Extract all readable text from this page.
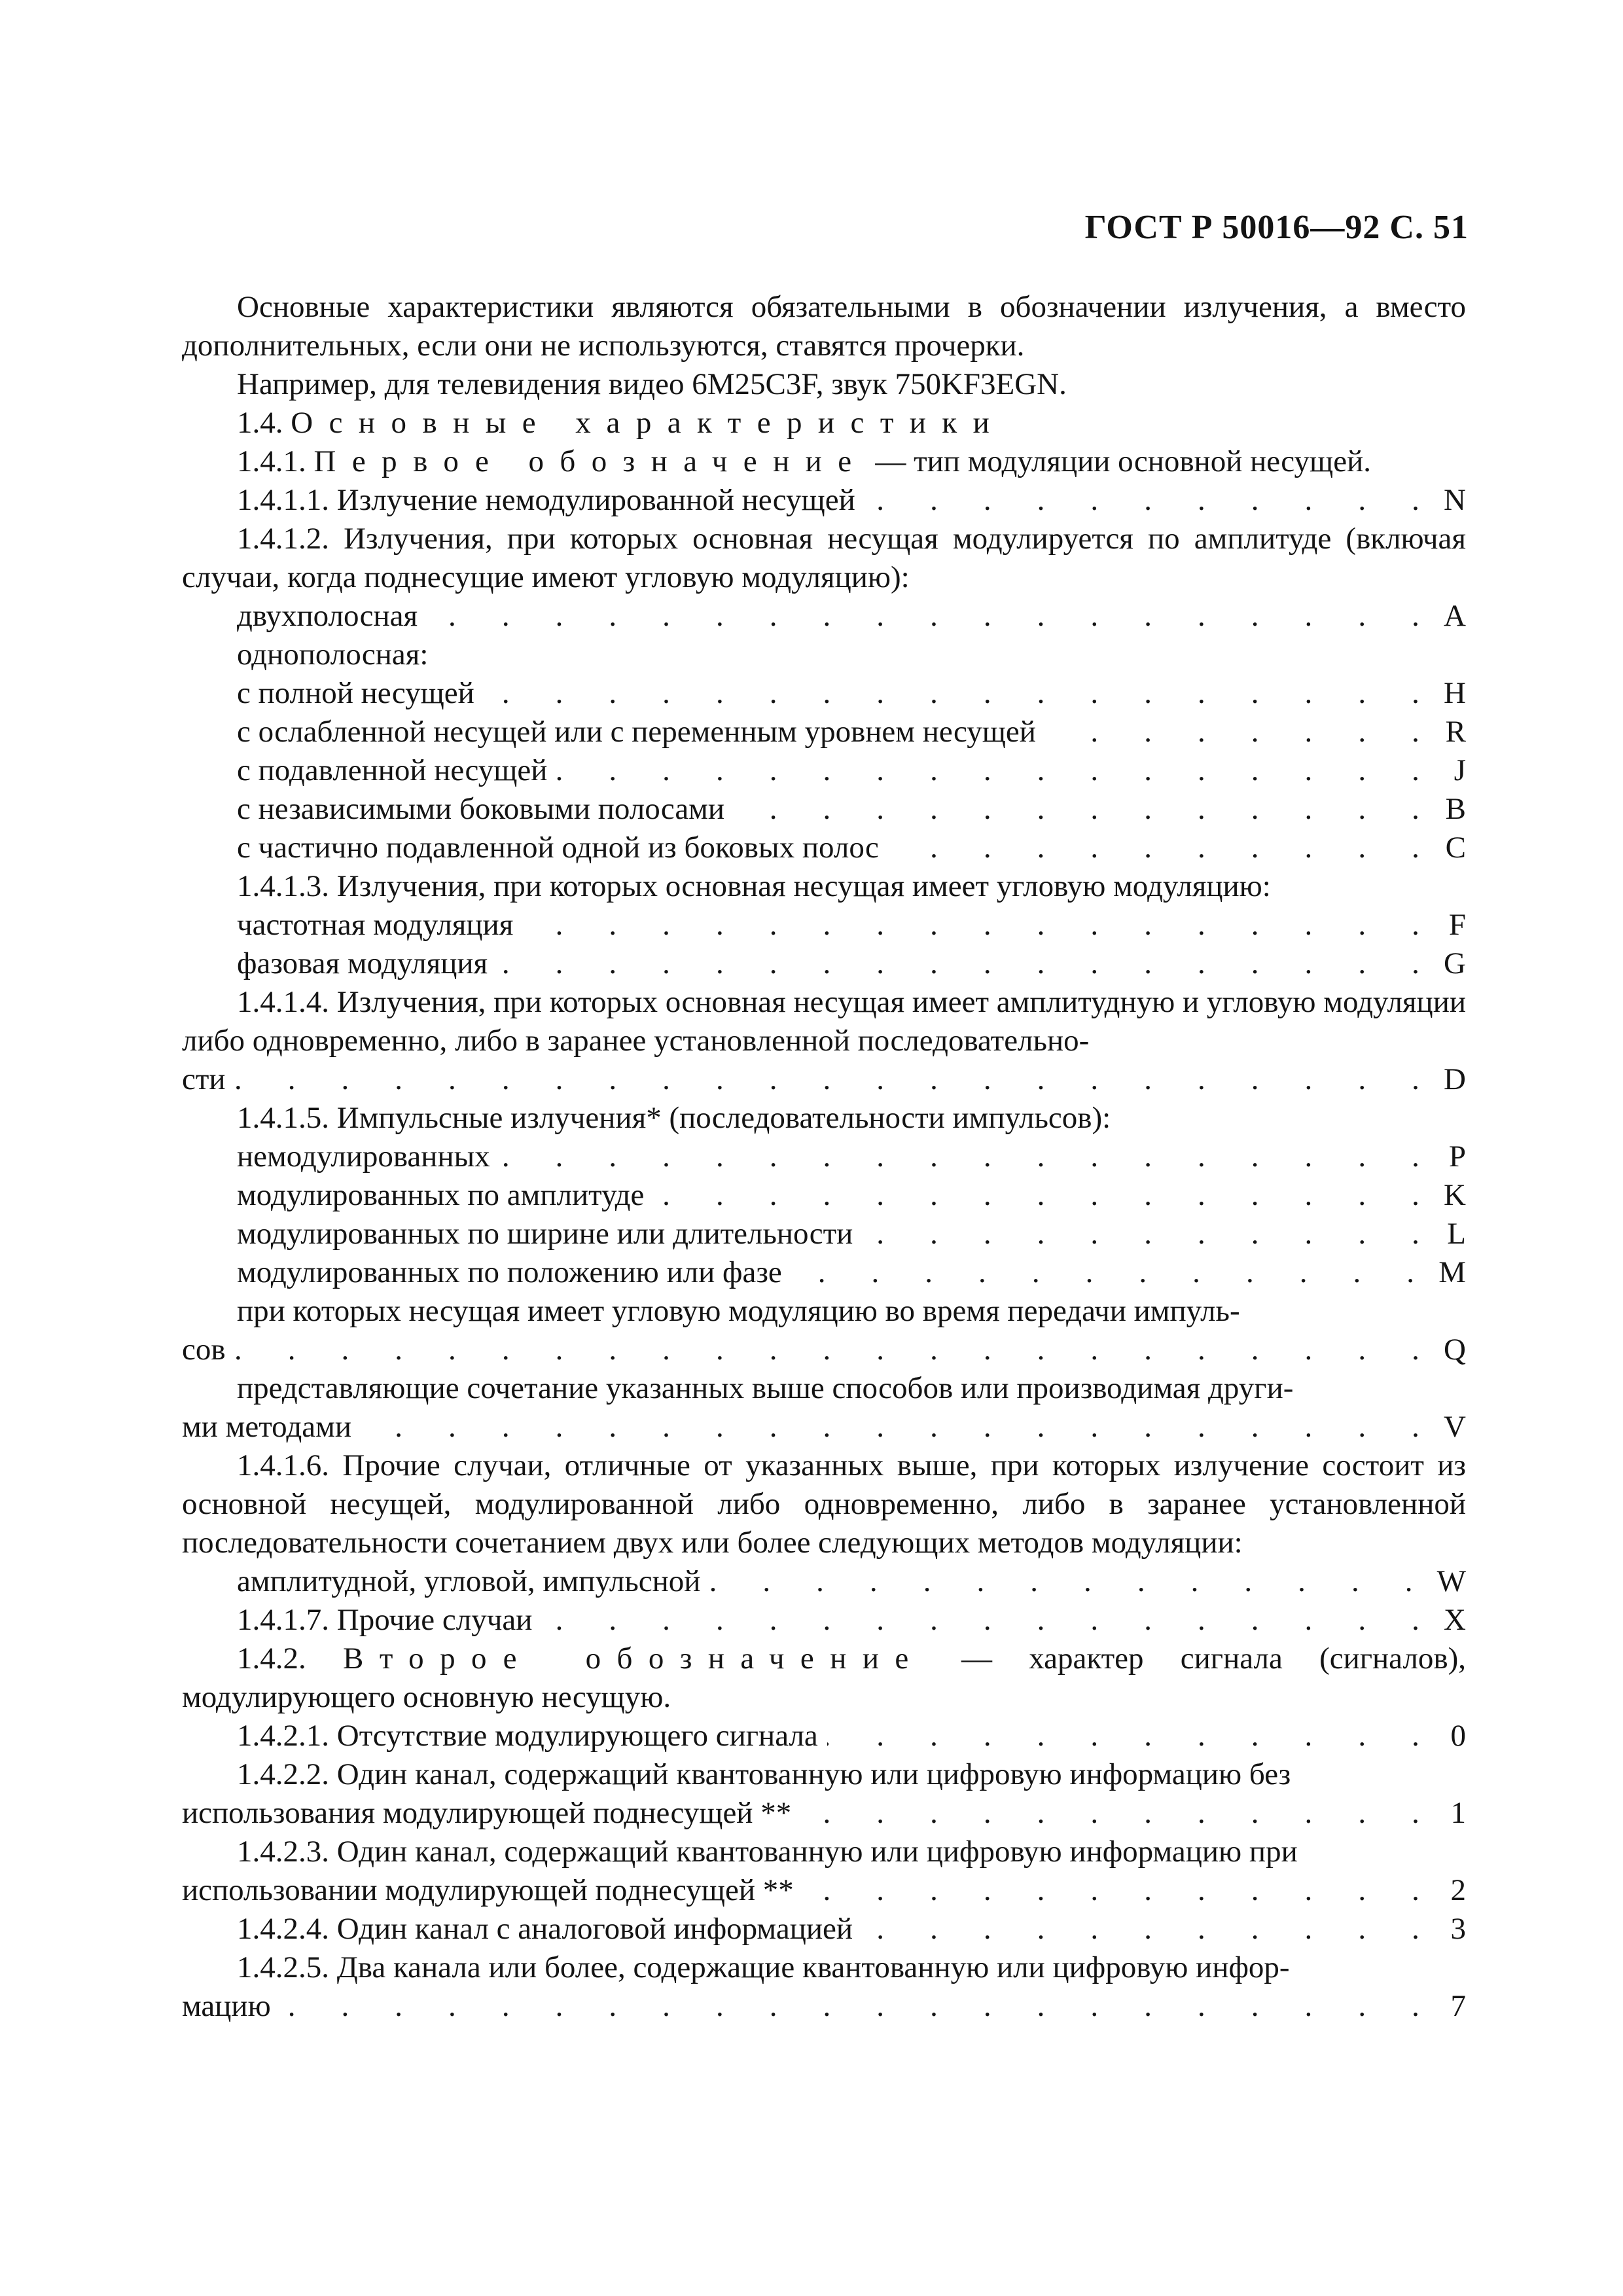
ГОСТ Р 50016—92 С. 51

Основные характеристики являются обязательными в обозначении излучения, а вместо дополнительных, если они не используются, ставятся прочерки.

Например, для телевидения видео 6M25C3F, звук 750KF3EGN.

1.4. Основные характеристики

1.4.1. Первое обозначение — тип модуляции основной несущей.

1.4.1.1. Излучение немодулированной несущей . . .	N

1.4.1.2. Излучения, при которых основная несущая модулируется по амплитуде (включая случаи, когда поднесущие имеют угловую модуляцию):

двухполосная . . .	A

однополосная:

с полной несущей . . .	H
с ослабленной несущей или с переменным уровнем несущей . . .	R
с подавленной несущей . . .	J
с независимыми боковыми полосами . . .	B
с частично подавленной одной из боковых полос . . .	C

1.4.1.3. Излучения, при которых основная несущая имеет угловую модуляцию:

частотная модуляция . . .	F
фазовая модуляция . . .	G

1.4.1.4. Излучения, при которых основная несущая имеет амплитудную и угловую модуляции либо одновременно, либо в заранее установленной последовательно-

сти . . .	D

1.4.1.5. Импульсные излучения* (последовательности импульсов):

немодулированных . . .	P
модулированных по амплитуде . . .	K
модулированных по ширине или длительности . . .	L
модулированных по положению или фазе . . .	M

при которых несущая имеет угловую модуляцию во время передачи импуль-

сов . . .	Q

представляющие сочетание указанных выше способов или производимая други-

ми методами . . .	V

1.4.1.6. Прочие случаи, отличные от указанных выше, при которых излучение состоит из основной несущей, модулированной либо одновременно, либо в заранее установленной последовательности сочетанием двух или более следующих методов модуляции:

амплитудной, угловой, импульсной . . .	W
1.4.1.7. Прочие случаи . . .	X

1.4.2. Второе обозначение — характер сигнала (сигналов), модулирующего основную несущую.

1.4.2.1. Отсутствие модулирующего сигнала . . .	0

1.4.2.2. Один канал, содержащий квантованную или цифровую информацию без

использования модулирующей поднесущей ** . . .	1

1.4.2.3. Один канал, содержащий квантованную или цифровую информацию при

использовании модулирующей поднесущей ** . . .	2
1.4.2.4. Один канал с аналоговой информацией . . .	3

1.4.2.5. Два канала или более, содержащие квантованную или цифровую инфор-

мацию . . .	7
